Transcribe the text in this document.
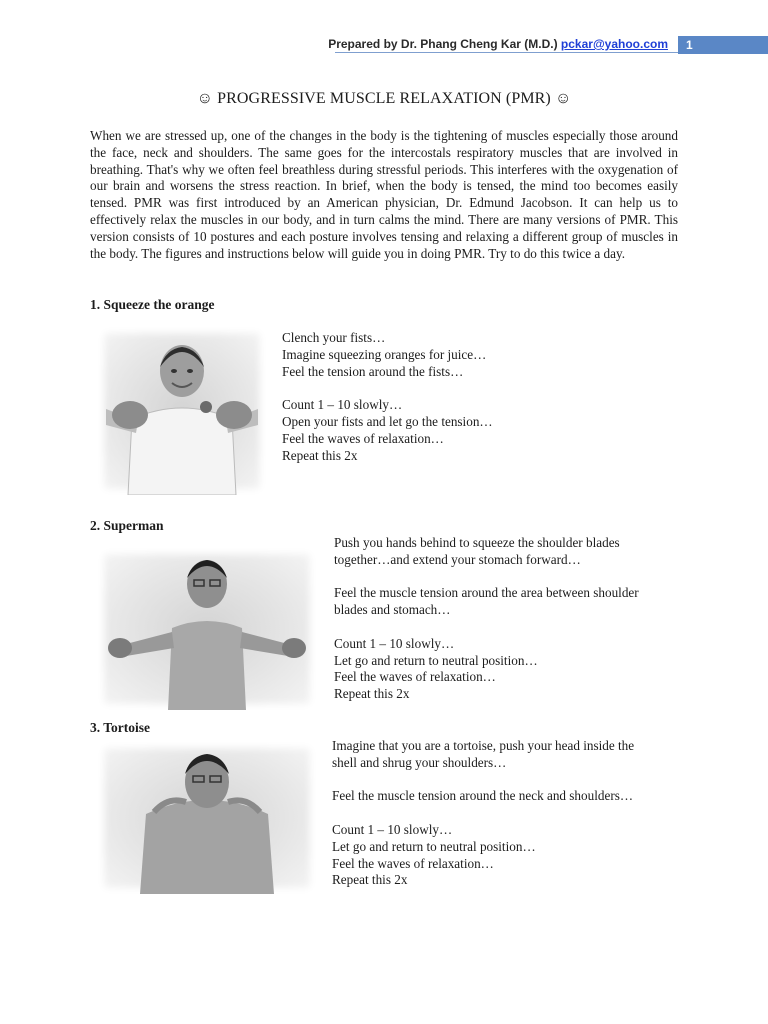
Prepared by Dr. Phang Cheng Kar (M.D.) pckar@yahoo.com	1
☺ PROGRESSIVE MUSCLE RELAXATION (PMR) ☺

When we are stressed up, one of the changes in the body is the tightening of muscles especially those around the face, neck and shoulders. The same goes for the intercostals respiratory muscles that are involved in breathing. That's why we often feel breathless during stressful periods. This interferes with the oxygenation of our brain and worsens the stress reaction. In brief, when the body is tensed, the mind too becomes easily tensed. PMR was first introduced by an American physician, Dr. Edmund Jacobson. It can help us to effectively relax the muscles in our body, and in turn calms the mind. There are many versions of PMR. This version consists of 10 postures and each posture involves tensing and relaxing a different group of muscles in the body. The figures and instructions below will guide you in doing PMR. Try to do this twice a day.

1. Squeeze the orange
Clench your fists…
Imagine squeezing oranges for juice…
Feel the tension around the fists…
Count 1 – 10 slowly…
Open your fists and let go the tension…
Feel the waves of relaxation…
Repeat this 2x
2. Superman
Push you hands behind to squeeze the shoulder blades
together…and extend your stomach forward…
Feel the muscle tension around the area between shoulder
blades and stomach…
Count 1 – 10 slowly…
Let go and return to neutral position…
Feel the waves of relaxation…
Repeat this 2x
3. Tortoise
Imagine that you are a tortoise, push your head inside the
shell and shrug your shoulders…
Feel the muscle tension around the neck and shoulders…
Count 1 – 10 slowly…
Let go and return to neutral position…
Feel the waves of relaxation…
Repeat this 2x
